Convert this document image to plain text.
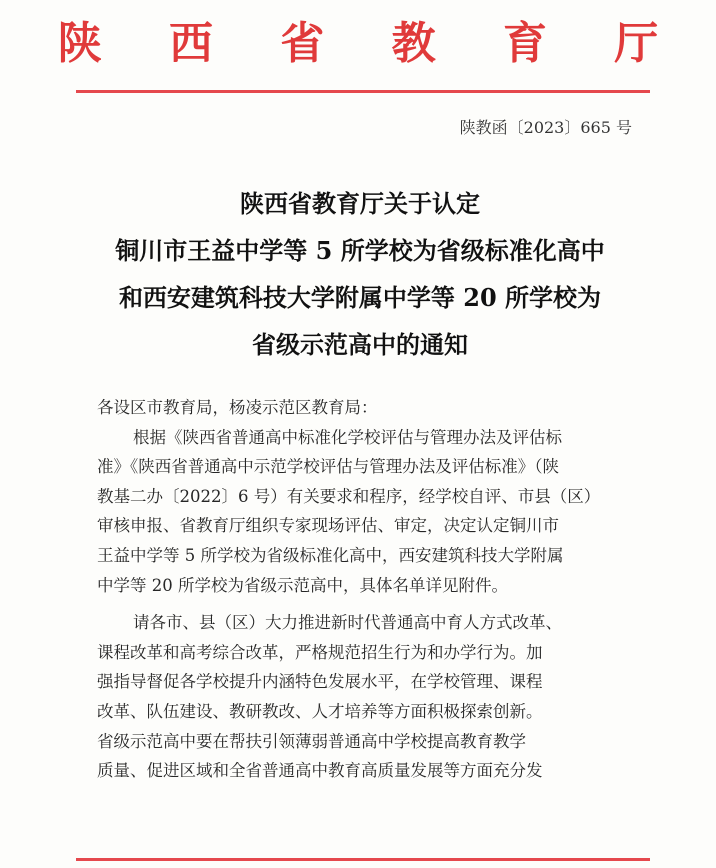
陕 西 省 教 育 厅
陕教函〔2023〕665 号
陕西省教育厅关于认定
铜川市王益中学等 5 所学校为省级标准化高中
和西安建筑科技大学附属中学等 20 所学校为
省级示范高中的通知
各设区市教育局，杨凌示范区教育局：
根据《陕西省普通高中标准化学校评估与管理办法及评估标
准》《陕西省普通高中示范学校评估与管理办法及评估标准》（陕
教基二办〔2022〕6 号）有关要求和程序，经学校自评、市县（区）
审核申报、省教育厅组织专家现场评估、审定，决定认定铜川市
王益中学等 5 所学校为省级标准化高中，西安建筑科技大学附属
中学等 20 所学校为省级示范高中，具体名单详见附件。
请各市、县（区）大力推进新时代普通高中育人方式改革、
课程改革和高考综合改革，严格规范招生行为和办学行为。加
强指导督促各学校提升内涵特色发展水平，在学校管理、课程
改革、队伍建设、教研教改、人才培养等方面积极探索创新。
省级示范高中要在帮扶引领薄弱普通高中学校提高教育教学
质量、促进区域和全省普通高中教育高质量发展等方面充分发
